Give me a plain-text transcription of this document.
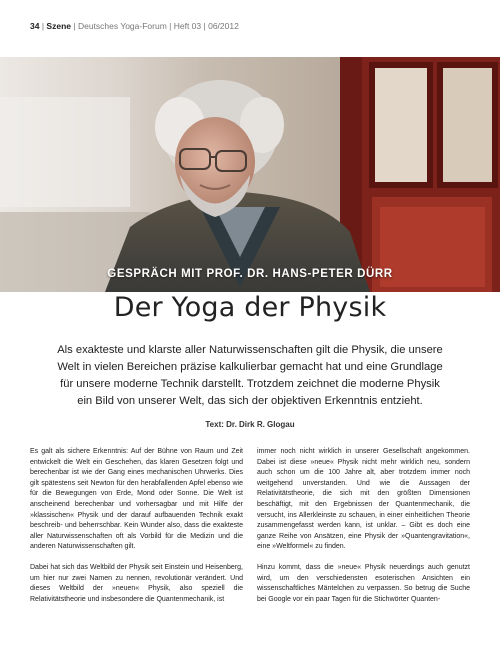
34 | Szene | Deutsches Yoga-Forum | Heft 03 | 06/2012
GESPRÄCH MIT PROF. DR. HANS-PETER DÜRR
Der Yoga der Physik
Als exakteste und klarste aller Naturwissenschaften gilt die Physik, die unsere Welt in vielen Bereichen präzise kalkulierbar gemacht hat und eine Grundlage für unsere moderne Technik darstellt. Trotzdem zeichnet die moderne Physik ein Bild von unserer Welt, das sich der objektiven Erkenntnis entzieht.
Text: Dr. Dirk R. Glogau

Es galt als sichere Erkenntnis: Auf der Bühne von Raum und Zeit entwickelt die Welt ein Geschehen, das klaren Gesetzen folgt und berechenbar ist wie der Gang eines mechanischen Uhrwerks. Dies gilt spätestens seit Newton für den herabfallenden Apfel ebenso wie für die Bewegungen von Erde, Mond oder Sonne. Die Welt ist anscheinend berechenbar und vorhersagbar und mit Hilfe der »klassischen« Physik und der darauf aufbauenden Technik exakt beschreib- und beherrschbar. Kein Wunder also, dass die exakteste aller Naturwissenschaften oft als Vorbild für die Medizin und die anderen Naturwissenschaften gilt.

Dabei hat sich das Weltbild der Physik seit Einstein und Heisenberg, um hier nur zwei Namen zu nennen, revolutionär verändert. Und dieses Weltbild der »neuen« Physik, also speziell die Relativitätstheorie und insbesondere die Quantenmechanik, ist

immer noch nicht wirklich in unserer Gesellschaft angekommen. Dabei ist diese »neue« Physik nicht mehr wirklich neu, sondern auch schon um die 100 Jahre alt, aber trotzdem immer noch weitgehend unverstanden. Und wie die Aussagen der Relativitätstheorie, die sich mit den größten Dimensionen beschäftigt, mit den Ergebnissen der Quantenmechanik, die versucht, ins Allerkleinste zu schauen, in einer einheitlichen Theorie zusammengefasst werden kann, ist unklar. – Gibt es doch eine ganze Reihe von Ansätzen, eine Physik der »Quantengravitation«, eine »Weltformel« zu finden.

Hinzu kommt, dass die »neue« Physik neuerdings auch genutzt wird, um den verschiedensten esoterischen Ansichten ein wissenschaftliches Mäntelchen zu verpassen. So betrug die Suche bei Google vor ein paar Tagen für die Stichwörter Quanten-
